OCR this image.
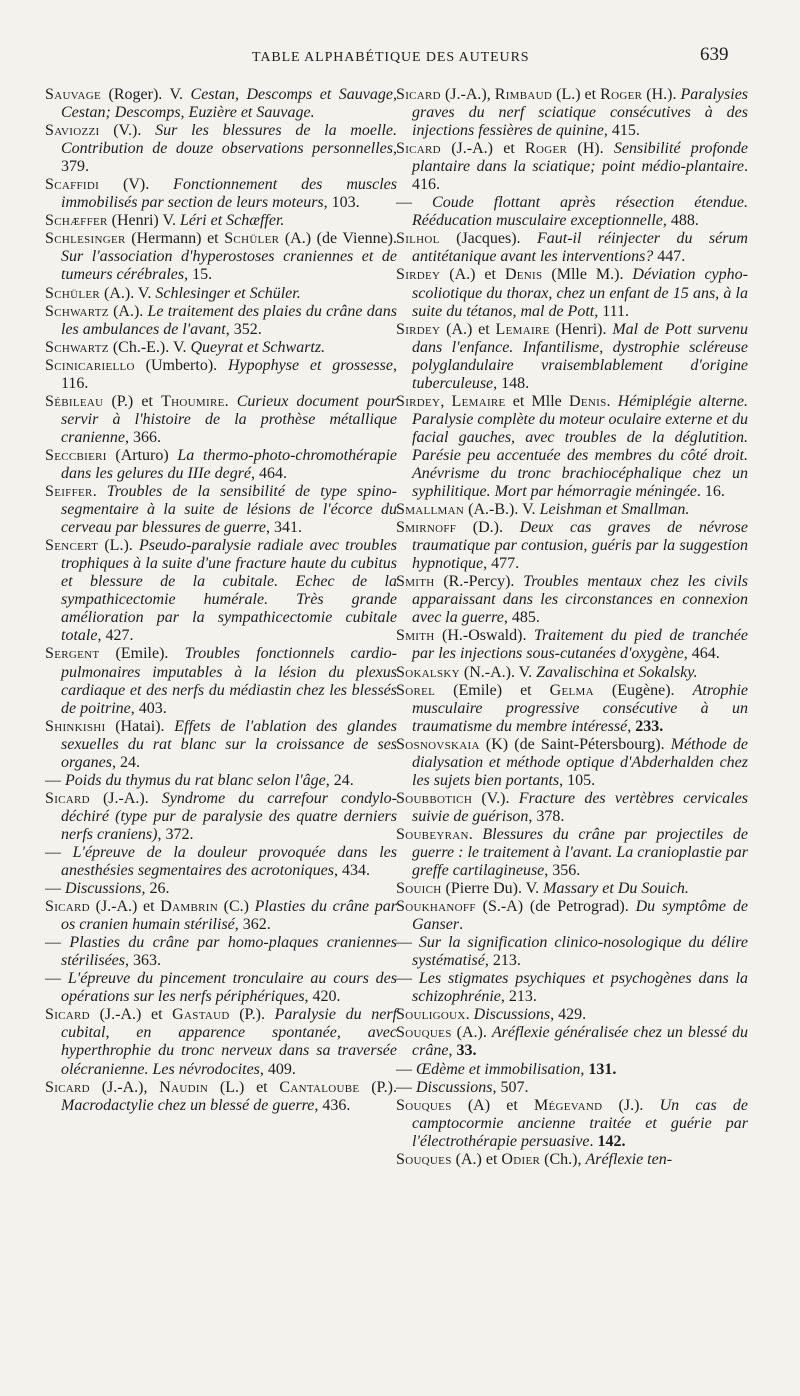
TABLE ALPHABÉTIQUE DES AUTEURS	639
Sauvage (Roger). V. Cestan, Descomps et Sauvage, Cestan; Descomps, Euzière et Sauvage.
Saviozzi (V.). Sur les blessures de la moelle. Contribution de douze observations personnelles, 379.
Scaffidi (V). Fonctionnement des muscles immobilisés par section de leurs moteurs, 103.
Schæffer (Henri) V. Léri et Schæffer.
Schlesinger (Hermann) et Schüler (A.) (de Vienne). Sur l'association d'hyperostoses craniennes et de tumeurs cérébrales, 15.
Schüler (A.). V. Schlesinger et Schüler.
Schwartz (A.). Le traitement des plaies du crâne dans les ambulances de l'avant, 352.
Schwartz (Ch.-E.). V. Queyrat et Schwartz.
Scinicariello (Umberto). Hypophyse et grossesse, 116.
Sébileau (P.) et Thoumire. Curieux document pour servir à l'histoire de la prothèse métallique cranienne, 366.
Seccbieri (Arturo) La thermo-photo-chromothérapie dans les gelures du IIIe degré, 464.
Seiffer. Troubles de la sensibilité de type spino-segmentaire à la suite de lésions de l'écorce du cerveau par blessures de guerre, 341.
Sencert (L.). Pseudo-paralysie radiale avec troubles trophiques à la suite d'une fracture haute du cubitus et blessure de la cubitale. Echec de la sympathicectomie humérale. Très grande amélioration par la sympathicectomie cubitale totale, 427.
Sergent (Emile). Troubles fonctionnels cardio-pulmonaires imputables à la lésion du plexus cardiaque et des nerfs du médiastin chez les blessés de poitrine, 403.
Shinkishi (Hatai). Effets de l'ablation des glandes sexuelles du rat blanc sur la croissance de ses organes, 24.
— Poids du thymus du rat blanc selon l'âge, 24.
Sicard (J.-A.). Syndrome du carrefour condylo-déchiré (type pur de paralysie des quatre derniers nerfs craniens), 372.
— L'épreuve de la douleur provoquée dans les anesthésies segmentaires des acrotoniques, 434.
— Discussions, 26.
Sicard (J.-A.) et Dambrin (C.) Plasties du crâne par os cranien humain stérilisé, 362.
— Plasties du crâne par homo-plaques craniennes stérilisées, 363.
— L'épreuve du pincement tronculaire au cours des opérations sur les nerfs périphériques, 420.
Sicard (J.-A.) et Gastaud (P.). Paralysie du nerf cubital, en apparence spontanée, avec hyperthrophie du tronc nerveux dans sa traversée olécranienne. Les névrodocites, 409.
Sicard (J.-A.), Naudin (L.) et Cantaloube (P.). Macrodactylie chez un blessé de guerre, 436.
Sicard (J.-A.), Rimbaud (L.) et Roger (H.). Paralysies graves du nerf sciatique consécutives à des injections fessières de quinine, 415.
Sicard (J.-A.) et Roger (H). Sensibilité profonde plantaire dans la sciatique; point médio-plantaire. 416.
— Coude flottant après résection étendue. Rééducation musculaire exceptionnelle, 488.
Silhol (Jacques). Faut-il réinjecter du sérum antitétanique avant les interventions? 447.
Sirdey (A.) et Denis (Mlle M.). Déviation cypho-scoliotique du thorax, chez un enfant de 15 ans, à la suite du tétanos, mal de Pott, 111.
Sirdey (A.) et Lemaire (Henri). Mal de Pott survenu dans l'enfance. Infantilisme, dystrophie scléreuse polyglandulaire vraisemblablement d'origine tuberculeuse, 148.
Sirdey, Lemaire et Mlle Denis. Hémiplégie alterne. Paralysie complète du moteur oculaire externe et du facial gauches, avec troubles de la déglutition. Parésie peu accentuée des membres du côté droit. Anévrisme du tronc brachiocéphalique chez un syphilitique. Mort par hémorragie méningée. 16.
Smallman (A.-B.). V. Leishman et Smallman.
Smirnoff (D.). Deux cas graves de névrose traumatique par contusion, guéris par la suggestion hypnotique, 477.
Smith (R.-Percy). Troubles mentaux chez les civils apparaissant dans les circonstances en connexion avec la guerre, 485.
Smith (H.-Oswald). Traitement du pied de tranchée par les injections sous-cutanées d'oxygène, 464.
Sokalsky (N.-A.). V. Zavalischina et Sokalsky.
Sorel (Emile) et Gelma (Eugène). Atrophie musculaire progressive consécutive à un traumatisme du membre intéressé, 233.
Sosnovskaia (K) (de Saint-Pétersbourg). Méthode de dialysation et méthode optique d'Abderhalden chez les sujets bien portants, 105.
Soubbotich (V.). Fracture des vertèbres cervicales suivie de guérison, 378.
Soubeyran. Blessures du crâne par projectiles de guerre : le traitement à l'avant. La cranioplastie par greffe cartilagineuse, 356.
Souich (Pierre Du). V. Massary et Du Souich.
Soukhanoff (S.-A) (de Petrograd). Du symptôme de Ganser.
— Sur la signification clinico-nosologique du délire systématisé, 213.
— Les stigmates psychiques et psychogènes dans la schizophrénie, 213.
Souligoux. Discussions, 429.
Souques (A.). Aréflexie généralisée chez un blessé du crâne, 33.
— Œdème et immobilisation, 131.
— Discussions, 507.
Souques (A) et Mégevand (J.). Un cas de camptocormie ancienne traitée et guérie par l'électrothérapie persuasive. 142.
Souques (A.) et Odier (Ch.), Aréflexie ten-
